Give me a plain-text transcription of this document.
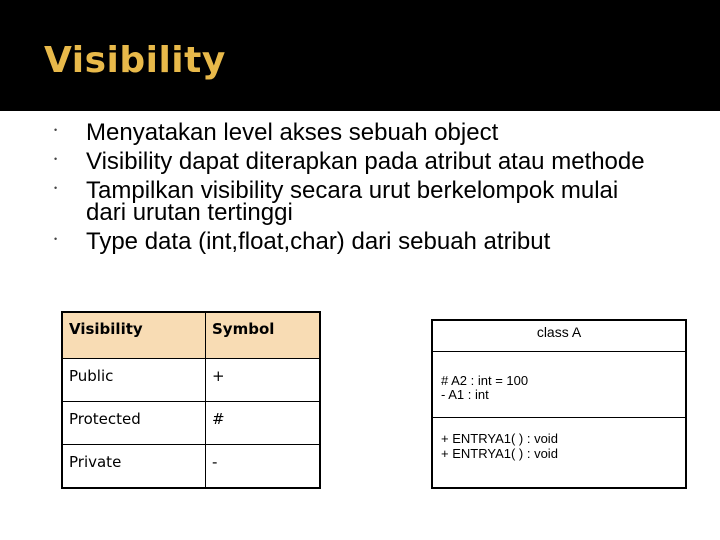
Visibility
• Menyatakan level akses sebuah object
• Visibility dapat diterapkan pada atribut atau methode
• Tampilkan visibility secara urut berkelompok mulai dari urutan tertinggi
• Type data (int,float,char) dari sebuah atribut
Visibility	Symbol
Public	+
Protected	#
Private	-
class A
# A2 : int = 100
- A1 : int
+ ENTRYA1( ) : void
+ ENTRYA1( ) : void
